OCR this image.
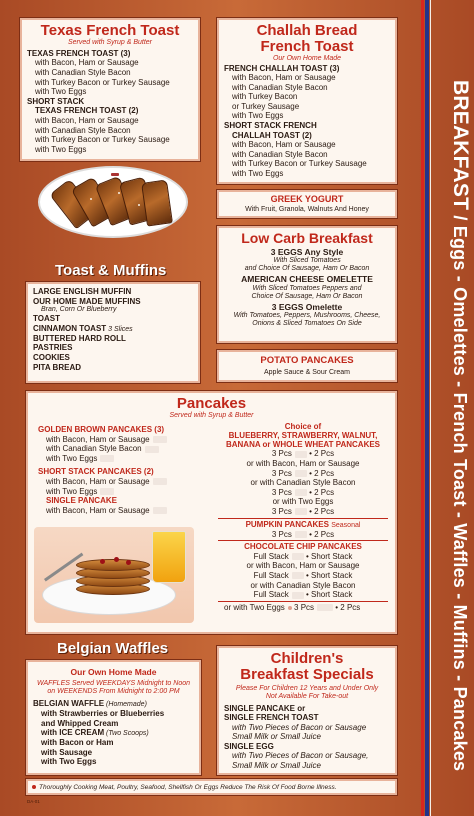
BREAKFAST / Eggs - Omelettes - French Toast - Waffles - Muffins - Pancakes
Texas French Toast
Served with Syrup & Butter
TEXAS FRENCH TOAST (3)
with Bacon, Ham or Sausage
with Canadian Style Bacon
with Turkey Bacon or Turkey Sausage
with Two Eggs
SHORT STACK
TEXAS FRENCH TOAST (2)
with Bacon, Ham or Sausage
with Canadian Style Bacon
with Turkey Bacon or Turkey Sausage
with Two Eggs
Challah Bread
French Toast
Our Own Home Made
FRENCH CHALLAH TOAST (3)
with Bacon, Ham or Sausage
with Canadian Style Bacon
with Turkey Bacon
or Turkey Sausage
with Two Eggs
SHORT STACK FRENCH
CHALLAH TOAST (2)
with Bacon, Ham or Sausage
with Canadian Style Bacon
with Turkey Bacon or Turkey Sausage
with Two Eggs
GREEK YOGURT
With Fruit, Granola, Walnuts And Honey
Low Carb Breakfast
3 EGGS Any Style
With Sliced Tomatoes
and Choice Of Sausage, Ham Or Bacon
AMERICAN CHEESE OMELETTE
With Sliced Tomatoes Peppers and
Choice Of Sausage, Ham Or Bacon
3 EGGS Omelette
With Tomatoes, Peppers, Mushrooms, Cheese,
Onions & Sliced Tomatoes On Side
Toast & Muffins
LARGE ENGLISH MUFFIN
OUR HOME MADE MUFFINS
Bran, Corn Or Blueberry
TOAST
CINNAMON TOAST 3 Slices
BUTTERED HARD ROLL
PASTRIES
COOKIES
PITA BREAD
POTATO PANCAKES
Apple Sauce & Sour Cream
Pancakes
Served with Syrup & Butter
GOLDEN BROWN PANCAKES (3)
with Bacon, Ham or Sausage
with Canadian Style Bacon
with Two Eggs
SHORT STACK PANCAKES (2)
with Bacon, Ham or Sausage
with Two Eggs
SINGLE PANCAKE
with Bacon, Ham or Sausage
Choice of
BLUEBERRY, STRAWBERRY, WALNUT,
BANANA or WHOLE WHEAT PANCAKES
3 Pcs • 2 Pcs
or with Bacon, Ham or Sausage
3 Pcs • 2 Pcs
or with Canadian Style Bacon
3 Pcs • 2 Pcs
or with Two Eggs
3 Pcs • 2 Pcs
PUMPKIN PANCAKES Seasonal
3 Pcs • 2 Pcs
CHOCOLATE CHIP PANCAKES
Full Stack • Short Stack
or with Bacon, Ham or Sausage
Full Stack • Short Stack
or with Canadian Style Bacon
Full Stack • Short Stack
or with Two Eggs 3 Pcs • 2 Pcs
Belgian Waffles
Our Own Home Made
WAFFLES Served WEEKDAYS Midnight to Noon
on WEEKENDS From Midnight to 2:00 PM
BELGIAN WAFFLE (Homemade)
with Strawberries or Blueberries
and Whipped Cream
with ICE CREAM (Two Scoops)
with Bacon or Ham
with Sausage
with Two Eggs
Children's
Breakfast Specials
Please For Children 12 Years and Under Only
Not Available For Take-out
SINGLE PANCAKE or
SINGLE FRENCH TOAST
with Two Pieces of Bacon or Sausage
Small Milk or Small Juice
SINGLE EGG
with Two Pieces of Bacon or Sausage,
Small Milk or Small Juice
Thoroughly Cooking Meat, Poultry, Seafood, Shellfish Or Eggs Reduce The Risk Of Food Borne Illness.
DA-01
